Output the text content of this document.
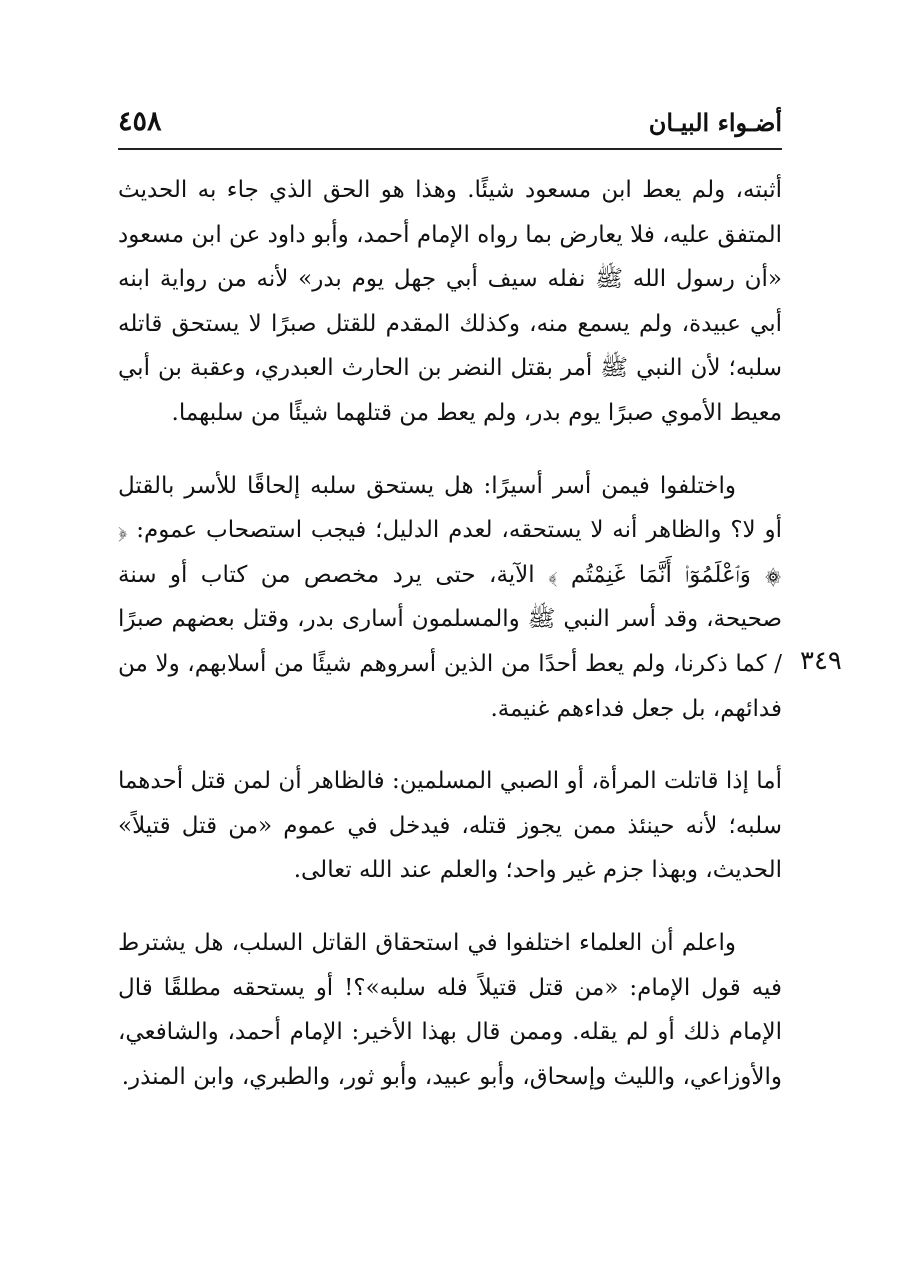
٤٥٨	أضـواء البيـان

أثبته، ولم يعط ابن مسعود شيئًا. وهذا هو الحق الذي جاء به الحديث المتفق عليه، فلا يعارض بما رواه الإمام أحمد، وأبو داود عن ابن مسعود «أن رسول الله ﷺ نفله سيف أبي جهل يوم بدر» لأنه من رواية ابنه أبي عبيدة، ولم يسمع منه، وكذلك المقدم للقتل صبرًا لا يستحق قاتله سلبه؛ لأن النبي ﷺ أمر بقتل النضر بن الحارث العبدري، وعقبة بن أبي معيط الأموي صبرًا يوم بدر، ولم يعط من قتلهما شيئًا من سلبهما.

واختلفوا فيمن أسر أسيرًا: هل يستحق سلبه إلحاقًا للأسر بالقتل أو لا؟ والظاهر أنه لا يستحقه، لعدم الدليل؛ فيجب استصحاب عموم: ﴿ ۞ وَٱعْلَمُوٓا۟ أَنَّمَا غَنِمْتُم ﴾ الآية، حتى يرد مخصص من كتاب أو سنة صحيحة، وقد أسر النبي ﷺ والمسلمون أسارى بدر، وقتل بعضهم صبرًا / كما ذكرنا، ولم يعط أحدًا من الذين أسروهم شيئًا من أسلابهم، ولا من فدائهم، بل جعل فداءهم غنيمة.

أما إذا قاتلت المرأة، أو الصبي المسلمين: فالظاهر أن لمن قتل أحدهما سلبه؛ لأنه حينئذ ممن يجوز قتله، فيدخل في عموم «من قتل قتيلاً» الحديث، وبهذا جزم غير واحد؛ والعلم عند الله تعالى.

واعلم أن العلماء اختلفوا في استحقاق القاتل السلب، هل يشترط فيه قول الإمام: «من قتل قتيلاً فله سلبه»؟! أو يستحقه مطلقًا قال الإمام ذلك أو لم يقله. وممن قال بهذا الأخير: الإمام أحمد، والشافعي، والأوزاعي، والليث وإسحاق، وأبو عبيد، وأبو ثور، والطبري، وابن المنذر.

٣٤٩
